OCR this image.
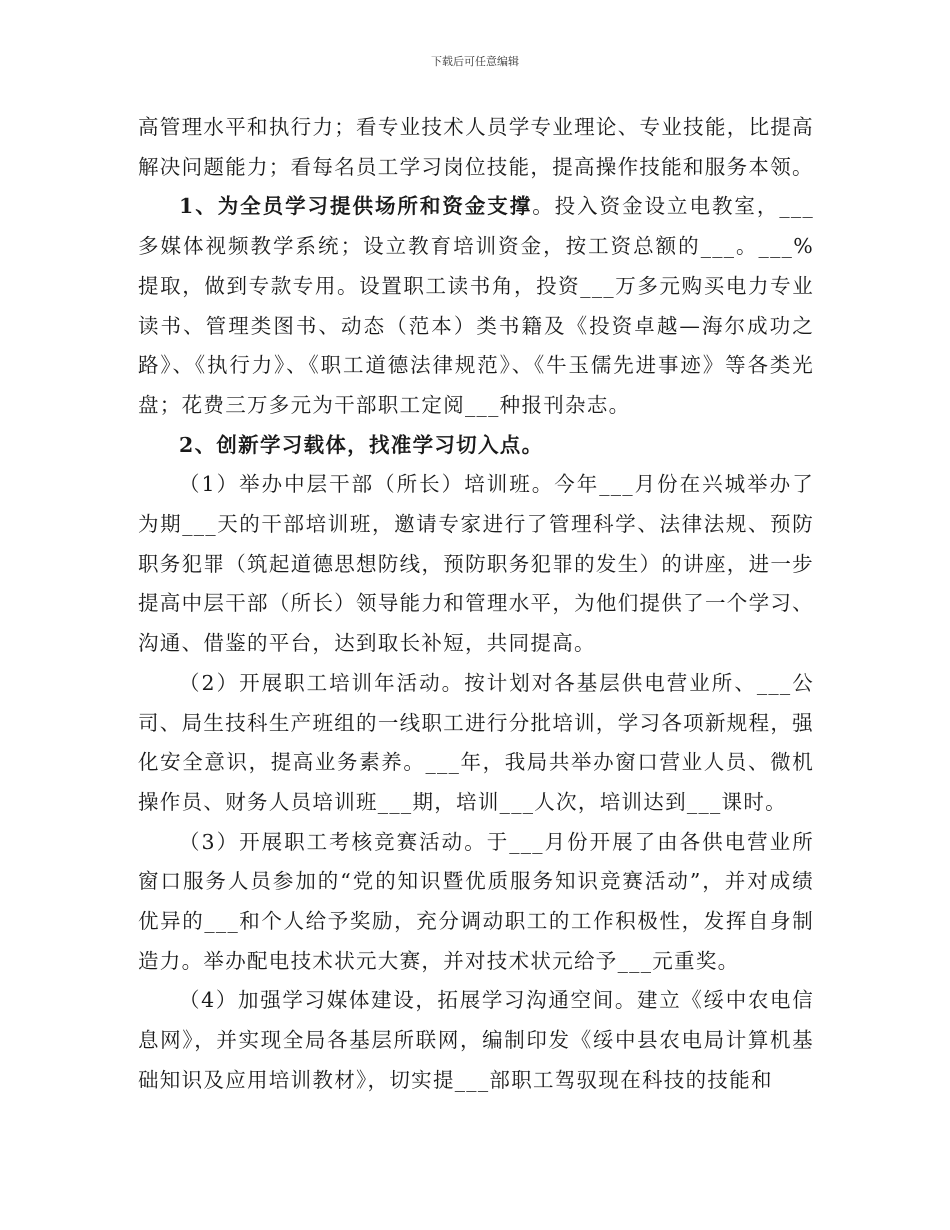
下载后可任意编辑

高管理水平和执行力；看专业技术人员学专业理论、专业技能，比提高解决问题能力；看每名员工学习岗位技能，提高操作技能和服务本领。

1、为全员学习提供场所和资金支撑。投入资金设立电教室，___多媒体视频教学系统；设立教育培训资金，按工资总额的___。___%提取，做到专款专用。设置职工读书角，投资___万多元购买电力专业读书、管理类图书、动态（范本）类书籍及《投资卓越—海尔成功之路》、《执行力》、《职工道德法律规范》、《牛玉儒先进事迹》等各类光盘；花费三万多元为干部职工定阅___种报刊杂志。

2、创新学习载体，找准学习切入点。

（1）举办中层干部（所长）培训班。今年___月份在兴城举办了为期___天的干部培训班，邀请专家进行了管理科学、法律法规、预防职务犯罪（筑起道德思想防线，预防职务犯罪的发生）的讲座，进一步提高中层干部（所长）领导能力和管理水平，为他们提供了一个学习、沟通、借鉴的平台，达到取长补短，共同提高。

（2）开展职工培训年活动。按计划对各基层供电营业所、___公司、局生技科生产班组的一线职工进行分批培训，学习各项新规程，强化安全意识，提高业务素养。___年，我局共举办窗口营业人员、微机操作员、财务人员培训班___期，培训___人次，培训达到___课时。

（3）开展职工考核竞赛活动。于___月份开展了由各供电营业所窗口服务人员参加的“党的知识暨优质服务知识竞赛活动”，并对成绩优异的___和个人给予奖励，充分调动职工的工作积极性，发挥自身制造力。举办配电技术状元大赛，并对技术状元给予___元重奖。

（4）加强学习媒体建设，拓展学习沟通空间。建立《绥中农电信息网》，并实现全局各基层所联网，编制印发《绥中县农电局计算机基础知识及应用培训教材》，切实提___部职工驾驭现在科技的技能和
